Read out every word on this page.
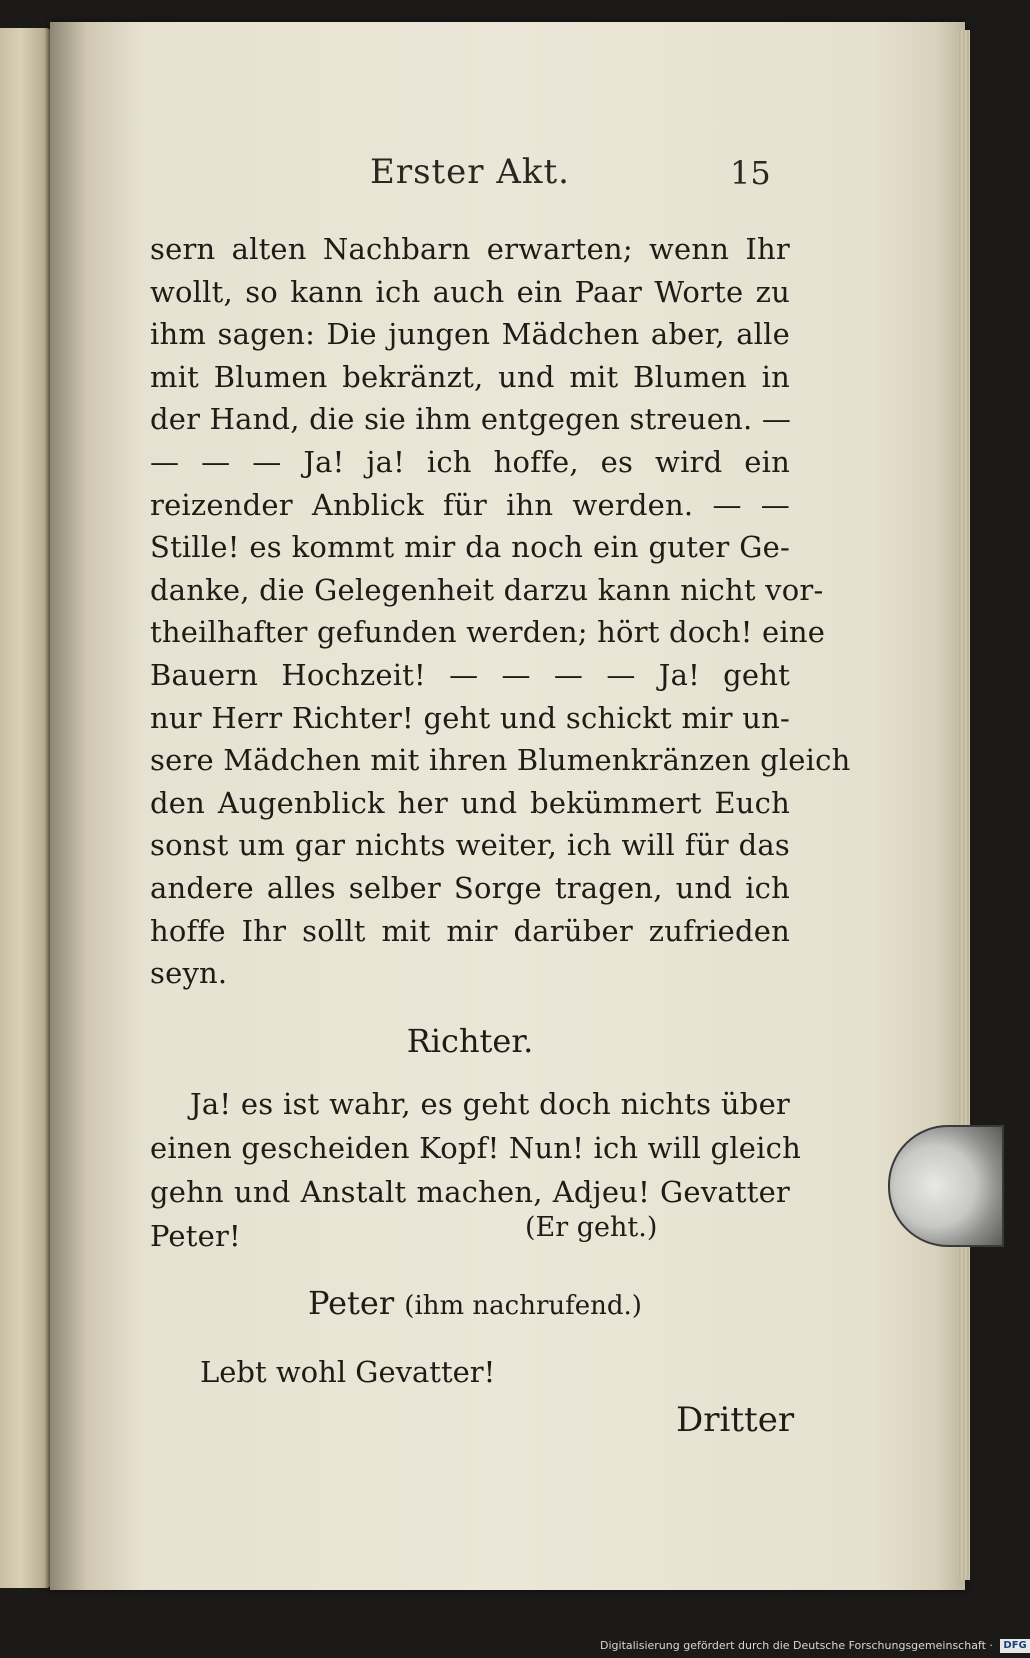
Erster Akt.	15
sern alten Nachbarn erwarten; wenn Ihr
wollt, so kann ich auch ein Paar Worte zu
ihm sagen: Die jungen Mädchen aber, alle
mit Blumen bekränzt, und mit Blumen in
der Hand, die sie ihm entgegen streuen. —
— — — Ja! ja! ich hoffe, es wird ein
reizender Anblick für ihn werden. — —
Stille! es kommt mir da noch ein guter Ge-
danke, die Gelegenheit darzu kann nicht vor-
theilhafter gefunden werden; hört doch! eine
Bauern Hochzeit! — — — — Ja! geht
nur Herr Richter! geht und schickt mir un-
sere Mädchen mit ihren Blumenkränzen gleich
den Augenblick her und bekümmert Euch
sonst um gar nichts weiter, ich will für das
andere alles selber Sorge tragen, und ich
hoffe Ihr sollt mit mir darüber zufrieden
seyn.
Richter.
Ja! es ist wahr, es geht doch nichts über
einen gescheiden Kopf! Nun! ich will gleich
gehn und Anstalt machen, Adjeu! Gevatter
Peter!	(Er geht.)
Peter (ihm nachrufend.)
Lebt wohl Gevatter!
Dritter
Digitalisierung gefördert durch die Deutsche Forschungsgemeinschaft · DFG
